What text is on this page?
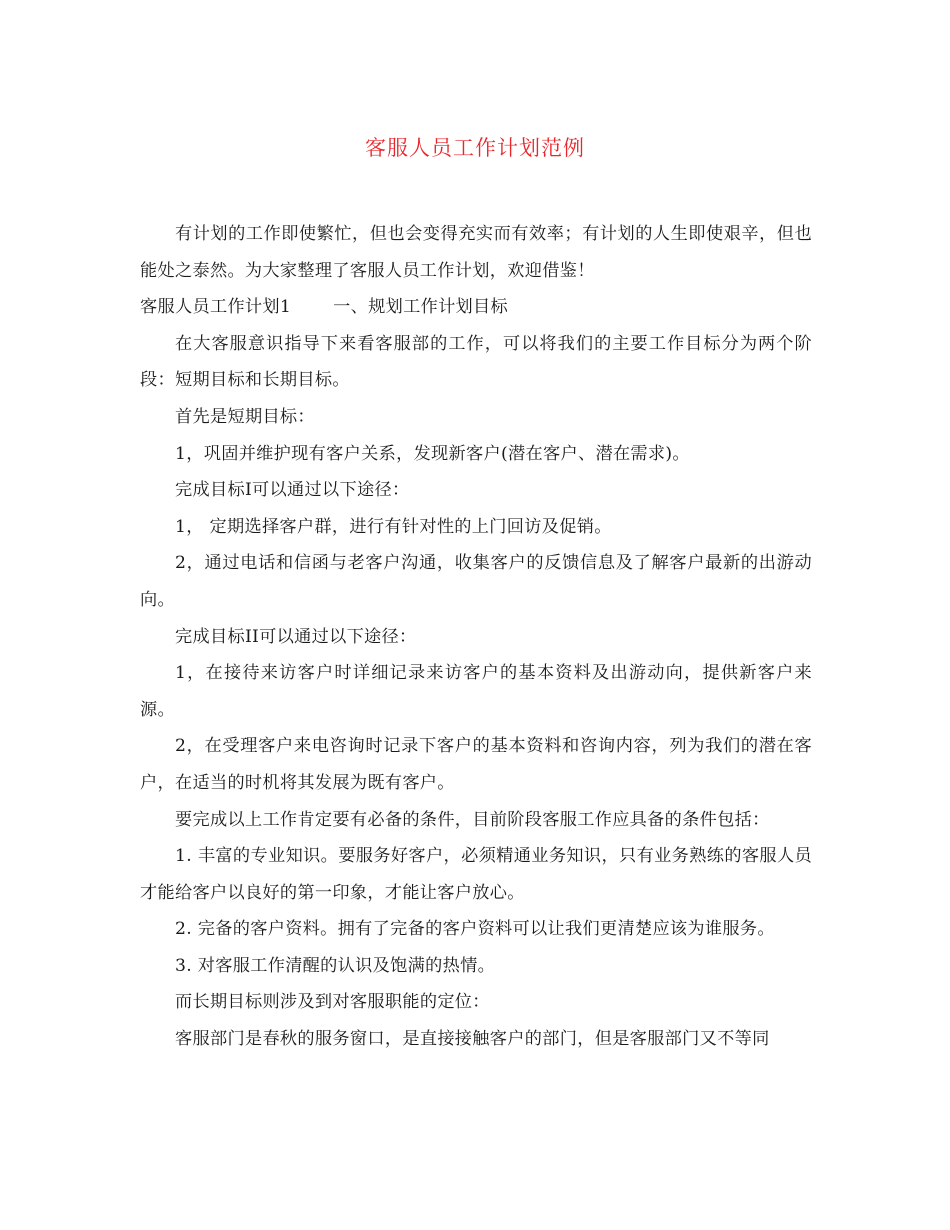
客服人员工作计划范例

有计划的工作即使繁忙，但也会变得充实而有效率；有计划的人生即使艰辛，但也能处之泰然。为大家整理了客服人员工作计划，欢迎借鉴！

客服人员工作计划1 一、规划工作计划目标

在大客服意识指导下来看客服部的工作，可以将我们的主要工作目标分为两个阶段：短期目标和长期目标。

首先是短期目标：

1，巩固并维护现有客户关系，发现新客户(潜在客户、潜在需求)。

完成目标I可以通过以下途径：

1， 定期选择客户群，进行有针对性的上门回访及促销。

2，通过电话和信函与老客户沟通，收集客户的反馈信息及了解客户最新的出游动向。

完成目标II可以通过以下途径：

1，在接待来访客户时详细记录来访客户的基本资料及出游动向，提供新客户来源。

2，在受理客户来电咨询时记录下客户的基本资料和咨询内容，列为我们的潜在客户，在适当的时机将其发展为既有客户。

要完成以上工作肯定要有必备的条件，目前阶段客服工作应具备的条件包括：

1. 丰富的专业知识。要服务好客户，必须精通业务知识，只有业务熟练的客服人员才能给客户以良好的第一印象，才能让客户放心。

2. 完备的客户资料。拥有了完备的客户资料可以让我们更清楚应该为谁服务。

3. 对客服工作清醒的认识及饱满的热情。

而长期目标则涉及到对客服职能的定位：

客服部门是春秋的服务窗口，是直接接触客户的部门，但是客服部门又不等同
